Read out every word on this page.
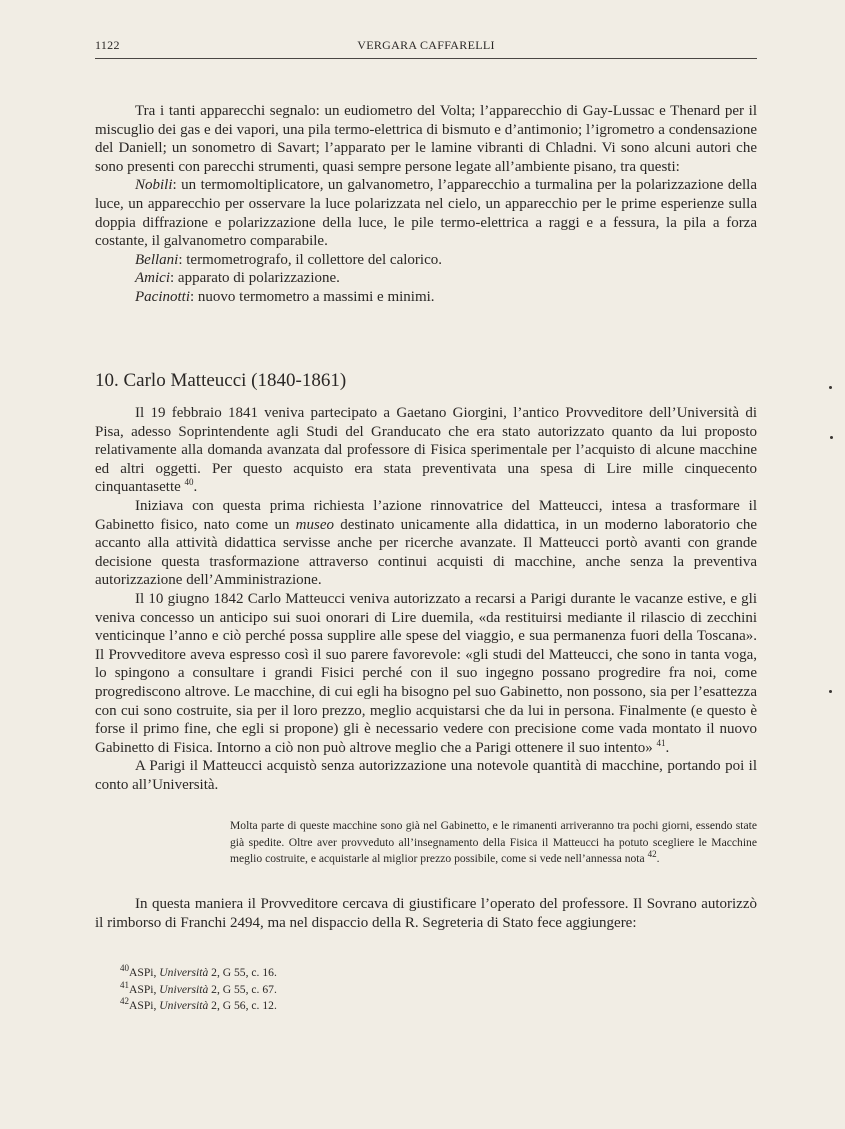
1122	VERGARA CAFFARELLI

Tra i tanti apparecchi segnalo: un eudiometro del Volta; l’apparecchio di Gay-Lussac e Thenard per il miscuglio dei gas e dei vapori, una pila termo-elettrica di bismuto e d’antimonio; l’igrometro a condensazione del Daniell; un sonometro di Savart; l’apparato per le lamine vibranti di Chladni. Vi sono alcuni autori che sono presenti con parecchi strumenti, quasi sempre persone legate all’ambiente pisano, tra questi:

Nobili: un termomoltiplicatore, un galvanometro, l’apparecchio a turmalina per la polarizzazione della luce, un apparecchio per osservare la luce polarizzata nel cielo, un apparecchio per le prime esperienze sulla doppia diffrazione e polarizzazione della luce, le pile termo-elettrica a raggi e a fessura, la pila a forza costante, il galvanometro comparabile.

Bellani: termometrografo, il collettore del calorico.

Amici: apparato di polarizzazione.

Pacinotti: nuovo termometro a massimi e minimi.

10. Carlo Matteucci (1840-1861)

Il 19 febbraio 1841 veniva partecipato a Gaetano Giorgini, l’antico Provveditore dell’Università di Pisa, adesso Soprintendente agli Studi del Granducato che era stato autorizzato quanto da lui proposto relativamente alla domanda avanzata dal professore di Fisica sperimentale per l’acquisto di alcune macchine ed altri oggetti. Per questo acquisto era stata preventivata una spesa di Lire mille cinquecento cinquantasette $^{40}$.

Iniziava con questa prima richiesta l’azione rinnovatrice del Matteucci, intesa a trasformare il Gabinetto fisico, nato come un museo destinato unicamente alla didattica, in un moderno laboratorio che accanto alla attività didattica servisse anche per ricerche avanzate. Il Matteucci portò avanti con grande decisione questa trasformazione attraverso continui acquisti di macchine, anche senza la preventiva autorizzazione dell’Amministrazione.

Il 10 giugno 1842 Carlo Matteucci veniva autorizzato a recarsi a Parigi durante le vacanze estive, e gli veniva concesso un anticipo sui suoi onorari di Lire duemila, «da restituirsi mediante il rilascio di zecchini venticinque l’anno e ciò perché possa supplire alle spese del viaggio, e sua permanenza fuori della Toscana». Il Provveditore aveva espresso così il suo parere favorevole: «gli studi del Matteucci, che sono in tanta voga, lo spingono a consultare i grandi Fisici perché con il suo ingegno possano progredire fra noi, come progrediscono altrove. Le macchine, di cui egli ha bisogno pel suo Gabinetto, non possono, sia per l’esattezza con cui sono costruite, sia per il loro prezzo, meglio acquistarsi che da lui in persona. Finalmente (e questo è forse il primo fine, che egli si propone) gli è necessario vedere con precisione come vada montato il nuovo Gabinetto di Fisica. Intorno a ciò non può altrove meglio che a Parigi ottenere il suo intento» $^{41}$.

A Parigi il Matteucci acquistò senza autorizzazione una notevole quantità di macchine, portando poi il conto all’Università.

Molta parte di queste macchine sono già nel Gabinetto, e le rimanenti arriveranno tra pochi giorni, essendo state già spedite. Oltre aver provveduto all’insegnamento della Fisica il Matteucci ha potuto scegliere le Macchine meglio costruite, e acquistarle al miglior prezzo possibile, come si vede nell’annessa nota $^{42}$.

In questa maniera il Provveditore cercava di giustificare l’operato del professore. Il Sovrano autorizzò il rimborso di Franchi 2494, ma nel dispaccio della R. Segreteria di Stato fece aggiungere:

$^{40}$ASPi, Università 2, G 55, c. 16.
$^{41}$ASPi, Università 2, G 55, c. 67.
$^{42}$ASPi, Università 2, G 56, c. 12.
